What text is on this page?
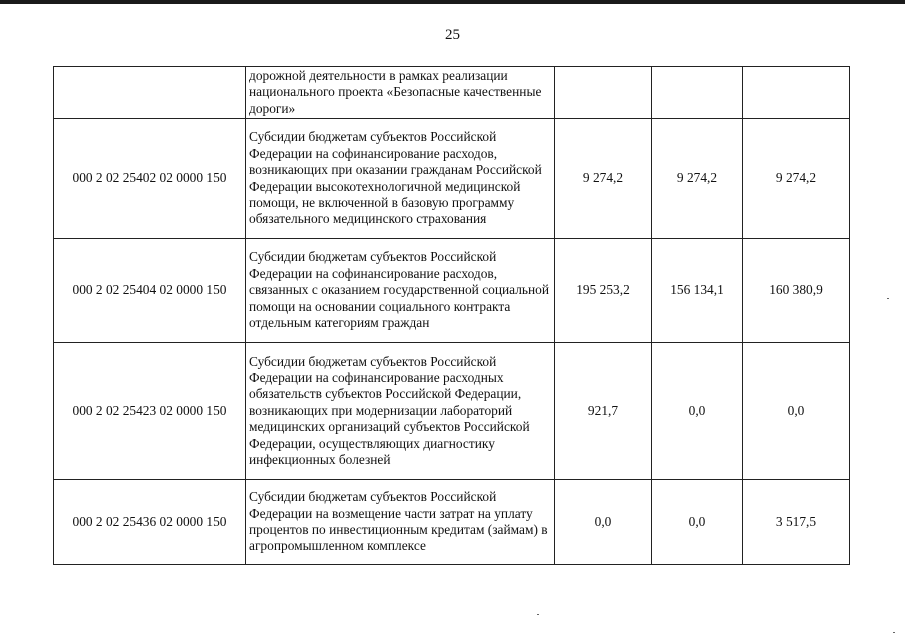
25
	дорожной деятельности в рамках реализации национального проекта «Безопасные качественные дороги»			
000 2 02 25402 02 0000 150	Субсидии бюджетам субъектов Российской Федерации на софинансирование расходов, возникающих при оказании гражданам Российской Федерации высокотехнологичной медицинской помощи, не включенной в базовую программу обязательного медицинского страхования	9 274,2	9 274,2	9 274,2
000 2 02 25404 02 0000 150	Субсидии бюджетам субъектов Российской Федерации на софинансирование расходов, связанных с оказанием государственной социальной помощи на основании социального контракта отдельным категориям граждан	195 253,2	156 134,1	160 380,9
000 2 02 25423 02 0000 150	Субсидии бюджетам субъектов Российской Федерации на софинансирование расходных обязательств субъектов Российской Федерации, возникающих при модернизации лабораторий медицинских организаций субъектов Российской Федерации, осуществляющих диагностику инфекционных болезней	921,7	0,0	0,0
000 2 02 25436 02 0000 150	Субсидии бюджетам субъектов Российской Федерации на возмещение части затрат на уплату процентов по инвестиционным кредитам (займам) в агропромышленном комплексе	0,0	0,0	3 517,5
